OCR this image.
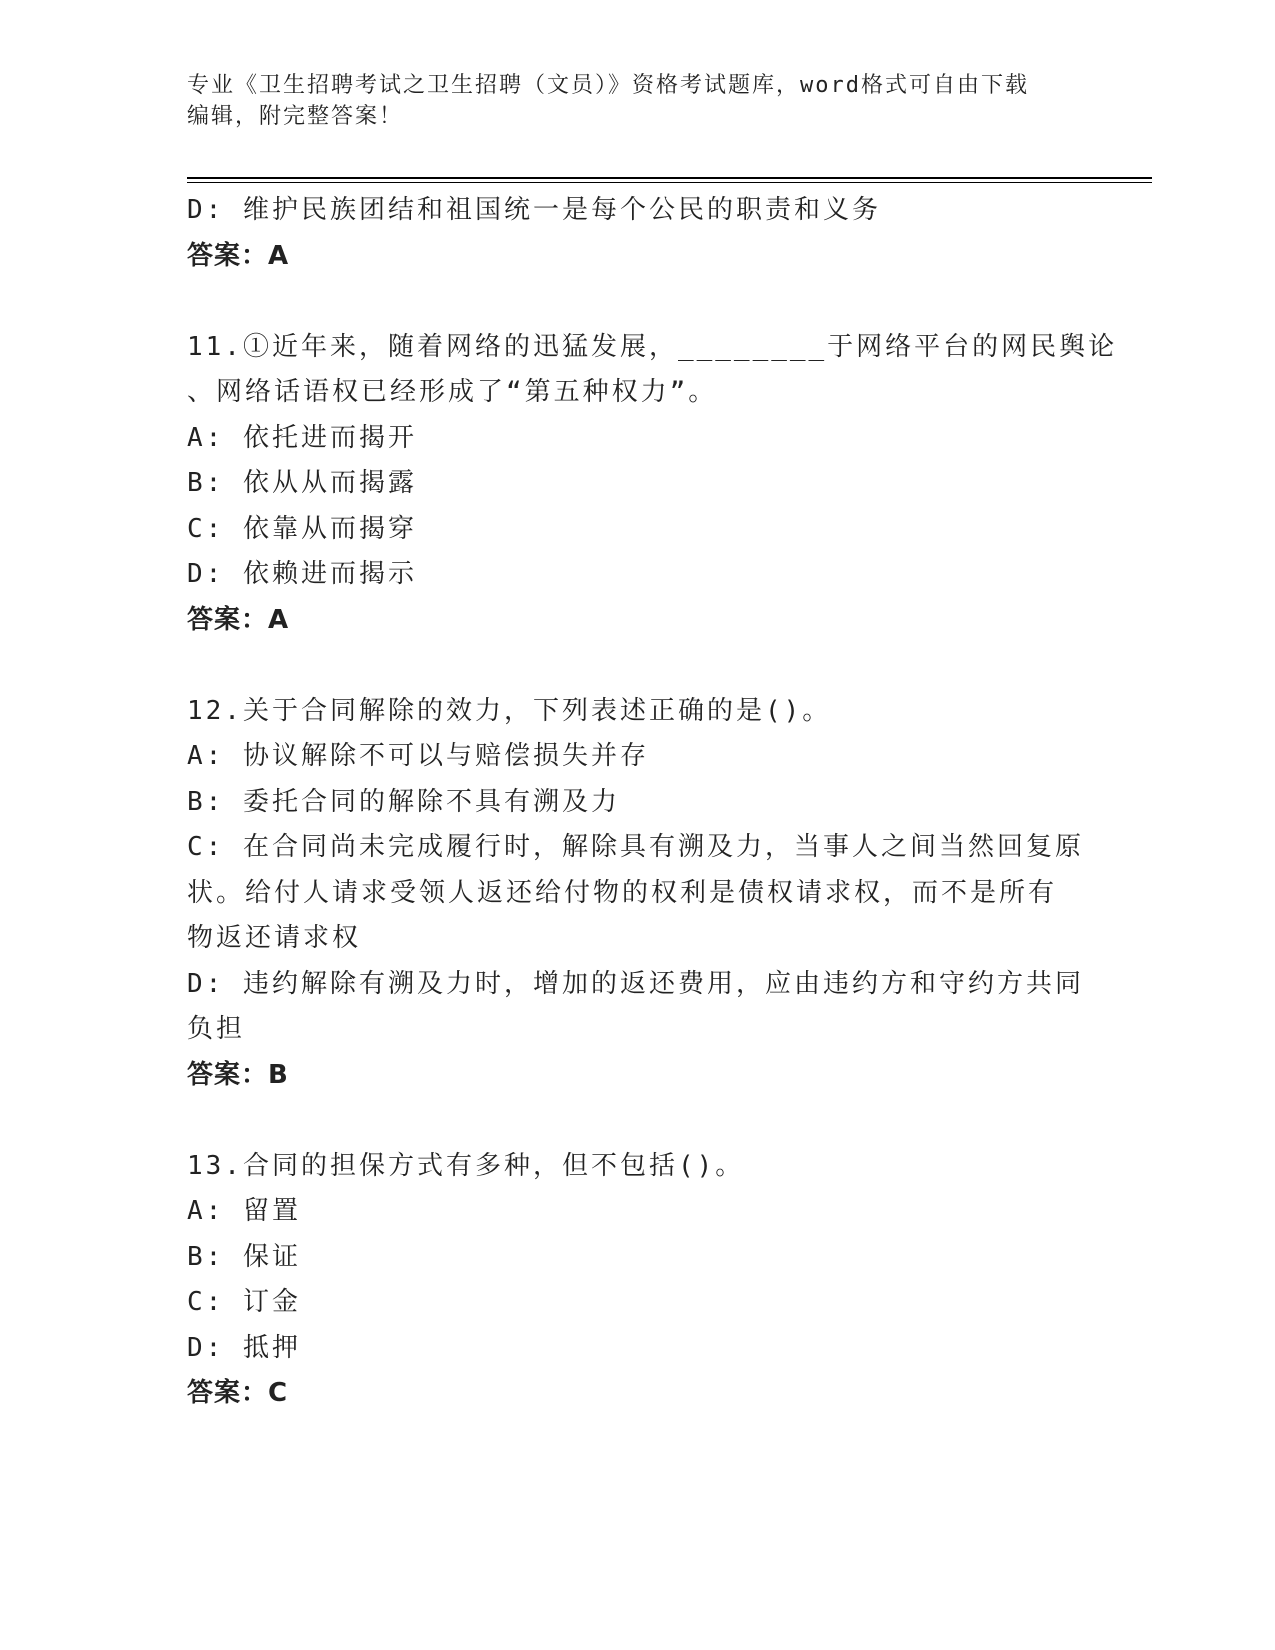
专业《卫生招聘考试之卫生招聘（文员）》资格考试题库，word格式可自由下载
编辑，附完整答案！
D: 维护民族团结和祖国统一是每个公民的职责和义务
答案：A
11.①近年来，随着网络的迅猛发展，________于网络平台的网民舆论
、网络话语权已经形成了“第五种权力”。
A: 依托进而揭开
B: 依从从而揭露
C: 依靠从而揭穿
D: 依赖进而揭示
答案：A
12.关于合同解除的效力，下列表述正确的是()。
A: 协议解除不可以与赔偿损失并存
B: 委托合同的解除不具有溯及力
C: 在合同尚未完成履行时，解除具有溯及力，当事人之间当然回复原
状。给付人请求受领人返还给付物的权利是债权请求权，而不是所有
物返还请求权
D: 违约解除有溯及力时，增加的返还费用，应由违约方和守约方共同
负担
答案：B
13.合同的担保方式有多种，但不包括()。
A: 留置
B: 保证
C: 订金
D: 抵押
答案：C
